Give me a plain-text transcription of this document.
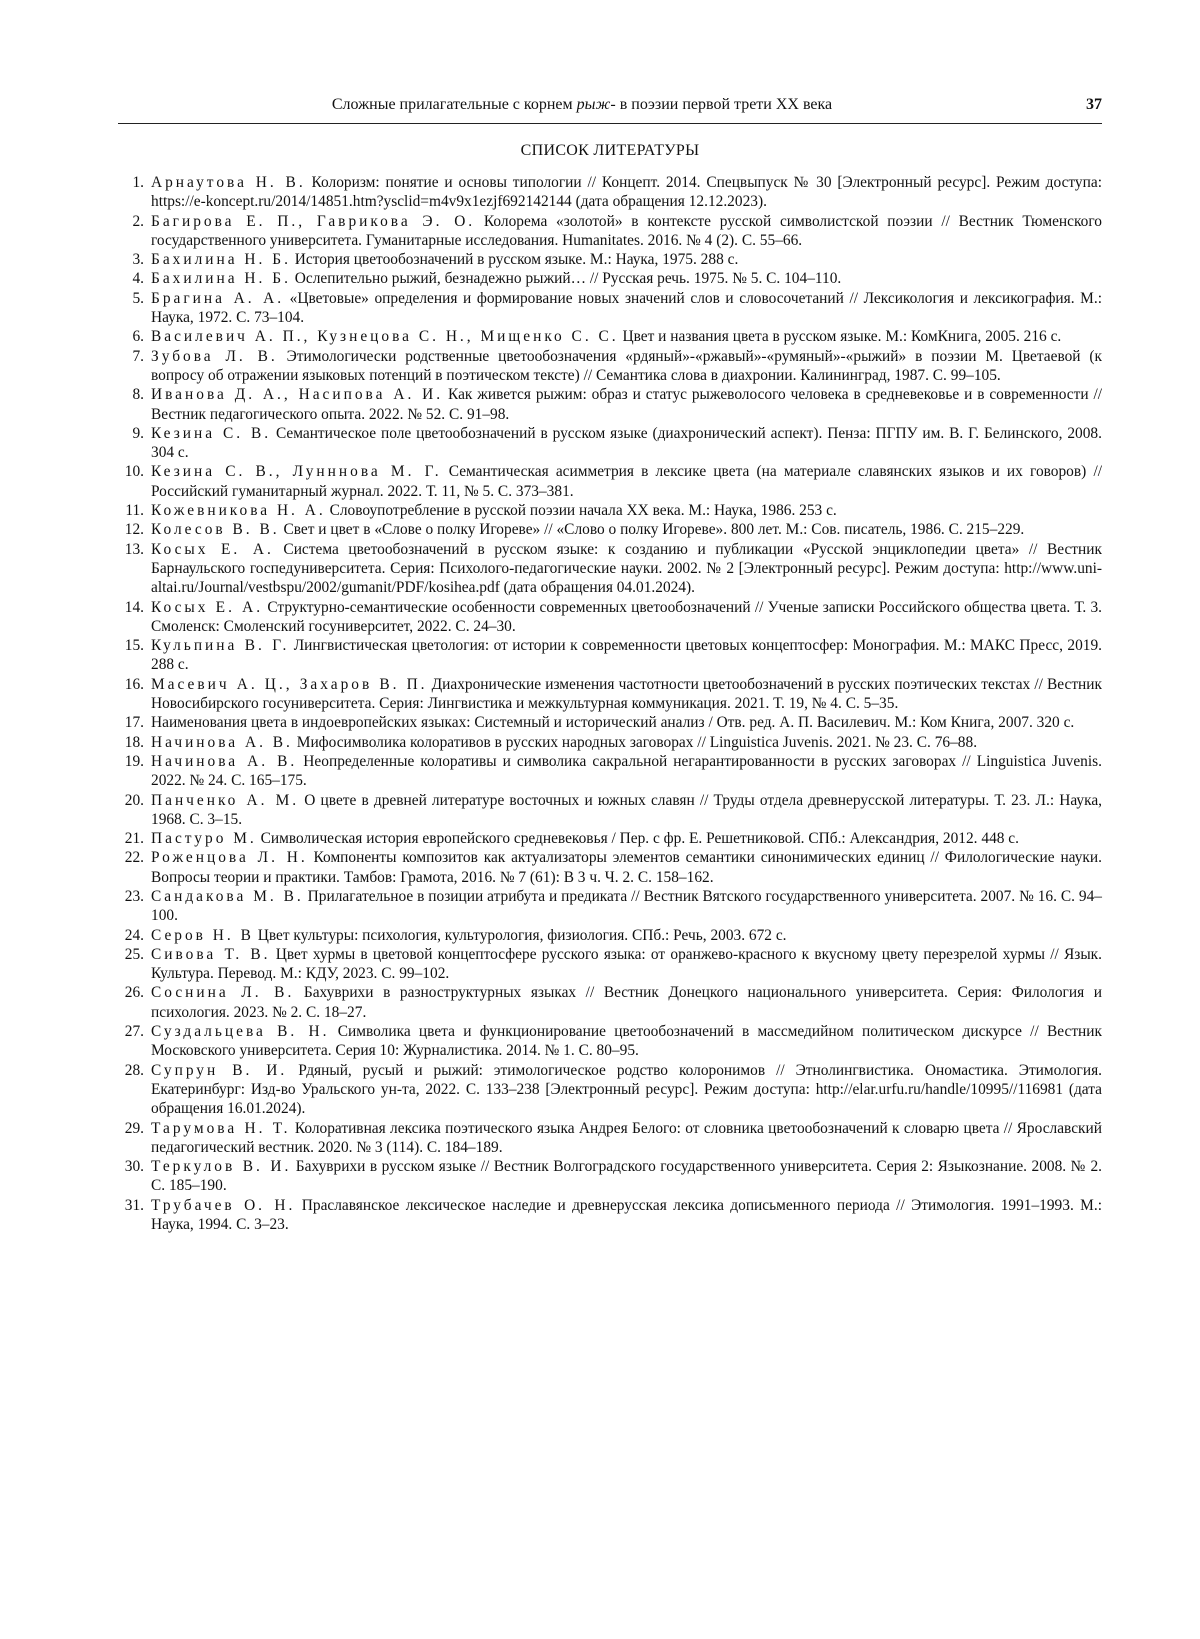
Сложные прилагательные с корнем рыж- в поэзии первой трети XX века	37
СПИСОК ЛИТЕРАТУРЫ
1. Арнаутова Н. В. Колоризм: понятие и основы типологии // Концепт. 2014. Спецвыпуск № 30 [Электронный ресурс]. Режим доступа: https://e-koncept.ru/2014/14851.htm?ysclid=m4v9x1ezjf692142144 (дата обращения 12.12.2023).
2. Багирова Е. П., Гаврикова Э. О. Колорема «золотой» в контексте русской символистской поэзии // Вестник Тюменского государственного университета. Гуманитарные исследования. Humanitates. 2016. № 4 (2). С. 55–66.
3. Бахилина Н. Б. История цветообозначений в русском языке. М.: Наука, 1975. 288 с.
4. Бахилина Н. Б. Ослепительно рыжий, безнадежно рыжий… // Русская речь. 1975. № 5. С. 104–110.
5. Брагина А. А. «Цветовые» определения и формирование новых значений слов и словосочетаний // Лексикология и лексикография. М.: Наука, 1972. С. 73–104.
6. Василевич А. П., Кузнецова С. Н., Мищенко С. С. Цвет и названия цвета в русском языке. М.: КомКнига, 2005. 216 с.
7. Зубова Л. В. Этимологически родственные цветообозначения «рдяный»-«ржавый»-«румяный»-«рыжий» в поэзии М. Цветаевой (к вопросу об отражении языковых потенций в поэтическом тексте) // Семантика слова в диахронии. Калининград, 1987. С. 99–105.
8. Иванова Д. А., Насипова А. И. Как живется рыжим: образ и статус рыжеволосого человека в средневековье и в современности // Вестник педагогического опыта. 2022. № 52. С. 91–98.
9. Кезина С. В. Семантическое поле цветообозначений в русском языке (диахронический аспект). Пенза: ПГПУ им. В. Г. Белинского, 2008. 304 с.
10. Кезина С. В., Лунннова М. Г. Семантическая асимметрия в лексике цвета (на материале славянских языков и их говоров) // Российский гуманитарный журнал. 2022. Т. 11, № 5. С. 373–381.
11. Кожевникова Н. А. Словоупотребление в русской поэзии начала XX века. М.: Наука, 1986. 253 с.
12. Колесов В. В. Свет и цвет в «Слове о полку Игореве» // «Слово о полку Игореве». 800 лет. М.: Сов. писатель, 1986. С. 215–229.
13. Косых Е. А. Система цветообозначений в русском языке: к созданию и публикации «Русской энциклопедии цвета» // Вестник Барнаульского госпедуниверситета. Серия: Психолого-педагогические науки. 2002. № 2 [Электронный ресурс]. Режим доступа: http://www.uni-altai.ru/Journal/vestbspu/2002/gumanit/PDF/kosihea.pdf (дата обращения 04.01.2024).
14. Косых Е. А. Структурно-семантические особенности современных цветообозначений // Ученые записки Российского общества цвета. Т. 3. Смоленск: Смоленский госуниверситет, 2022. С. 24–30.
15. Кульпина В. Г. Лингвистическая цветология: от истории к современности цветовых концептосфер: Монография. М.: МАКС Пресс, 2019. 288 с.
16. Масевич А. Ц., Захаров В. П. Диахронические изменения частотности цветообозначений в русских поэтических текстах // Вестник Новосибирского госуниверситета. Серия: Лингвистика и межкультурная коммуникация. 2021. Т. 19, № 4. С. 5–35.
17. Наименования цвета в индоевропейских языках: Системный и исторический анализ / Отв. ред. А. П. Василевич. М.: Ком Книга, 2007. 320 с.
18. Начинова А. В. Мифосимволика колоративов в русских народных заговорах // Linguistica Juvenis. 2021. № 23. С. 76–88.
19. Начинова А. В. Неопределенные колоративы и символика сакральной негарантированности в русских заговорах // Linguistica Juvenis. 2022. № 24. С. 165–175.
20. Панченко А. М. О цвете в древней литературе восточных и южных славян // Труды отдела древнерусской литературы. Т. 23. Л.: Наука, 1968. С. 3–15.
21. Пастуро М. Символическая история европейского средневековья / Пер. с фр. Е. Решетниковой. СПб.: Александрия, 2012. 448 с.
22. Роженцова Л. Н. Компоненты композитов как актуализаторы элементов семантики синонимических единиц // Филологические науки. Вопросы теории и практики. Тамбов: Грамота, 2016. № 7 (61): В 3 ч. Ч. 2. С. 158–162.
23. Сандакова М. В. Прилагательное в позиции атрибута и предиката // Вестник Вятского государственного университета. 2007. № 16. С. 94–100.
24. Серов Н. В Цвет культуры: психология, культурология, физиология. СПб.: Речь, 2003. 672 с.
25. Сивова Т. В. Цвет хурмы в цветовой концептосфере русского языка: от оранжево-красного к вкусному цвету перезрелой хурмы // Язык. Культура. Перевод. М.: КДУ, 2023. С. 99–102.
26. Соснина Л. В. Бахуврихи в разноструктурных языках // Вестник Донецкого национального университета. Серия: Филология и психология. 2023. № 2. С. 18–27.
27. Суздальцева В. Н. Символика цвета и функционирование цветообозначений в массмедийном политическом дискурсе // Вестник Московского университета. Серия 10: Журналистика. 2014. № 1. С. 80–95.
28. Супрун В. И. Рдяный, русый и рыжий: этимологическое родство колоронимов // Этнолингвистика. Ономастика. Этимология. Екатеринбург: Изд-во Уральского ун-та, 2022. С. 133–238 [Электронный ресурс]. Режим доступа: http://elar.urfu.ru/handle/10995//116981 (дата обращения 16.01.2024).
29. Тарумова Н. Т. Колоративная лексика поэтического языка Андрея Белого: от словника цветообозначений к словарю цвета // Ярославский педагогический вестник. 2020. № 3 (114). С. 184–189.
30. Теркулов В. И. Бахуврихи в русском языке // Вестник Волгоградского государственного университета. Серия 2: Языкознание. 2008. № 2. С. 185–190.
31. Трубачев О. Н. Праславянское лексическое наследие и древнерусская лексика дописьменного периода // Этимология. 1991–1993. М.: Наука, 1994. С. 3–23.
